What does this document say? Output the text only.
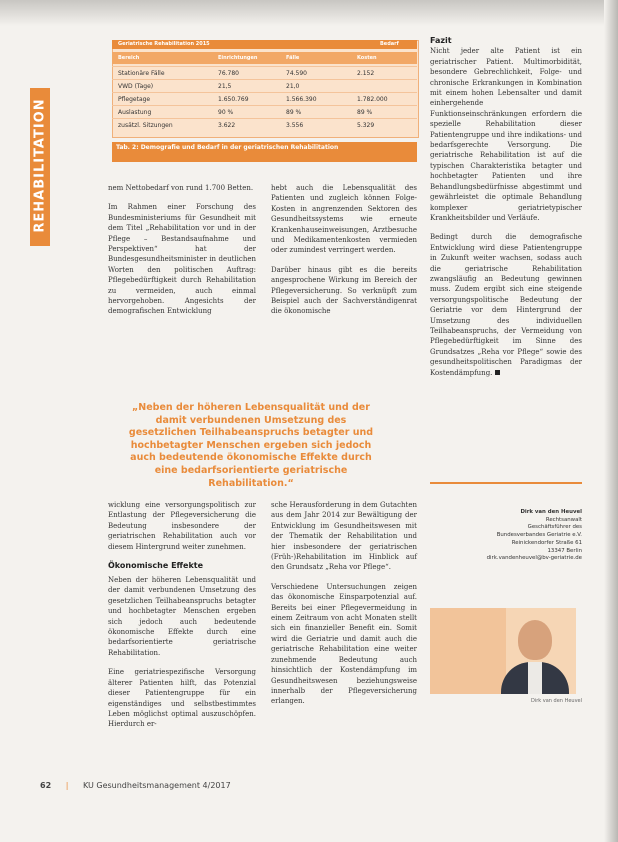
REHABILITATION
Geriatrische Rehabilitation 2015	Bedarf
Bereich	Einrichtungen	Fälle	Kosten
Stationäre Fälle	76.780	74.590	2.152
VWD (Tage)	21,5	21,0
Pflegetage	1.650.769	1.566.390	1.782.000
Auslastung	90 %	89 %	89 %
zusätzl. Sitzungen	3.622	3.556	5.329
Tab. 2: Demografie und Bedarf in der geriatrischen Rehabilitation

nem Nettobedarf von rund 1.700 Betten.

Im Rahmen einer Forschung des Bundesministeriums für Gesundheit mit dem Titel „Rehabilitation vor und in der Pflege – Bestandsaufnahme und Perspektiven“ hat der Bundesgesundheitsminister in deutlichen Worten den politischen Auftrag: Pflegebedürftigkeit durch Rehabilitation zu vermeiden, auch einmal hervorgehoben. Angesichts der demografischen Entwicklung

hebt auch die Lebensqualität des Patienten und zugleich können Folge-Kosten in angrenzenden Sektoren des Gesundheitssystems wie erneute Krankenhauseinweisungen, Arztbesuche und Medikamentenkosten vermieden oder zumindest verringert werden.

Darüber hinaus gibt es die bereits angesprochene Wirkung im Bereich der Pflegeversicherung. So verknüpft zum Beispiel auch der Sachverständigenrat die ökonomische

Fazit
Nicht jeder alte Patient ist ein geriatrischer Patient. Multimorbidität, besondere Gebrechlichkeit, Folge- und chronische Erkrankungen in Kombination mit einem hohen Lebensalter und damit einhergehende Funktionseinschränkungen erfordern die spezielle Rehabilitation dieser Patientengruppe und ihre indikations- und bedarfsgerechte Versorgung. Die geriatrische Rehabilitation ist auf die typischen Charakteristika betagter und hochbetagter Patienten und ihre Behandlungsbedürfnisse abgestimmt und gewährleistet die optimale Behandlung komplexer geriatrietypischer Krankheitsbilder und Verläufe.

Bedingt durch die demografische Entwicklung wird diese Patientengruppe in Zukunft weiter wachsen, sodass auch die geriatrische Rehabilitation zwangsläufig an Bedeutung gewinnen muss. Zudem ergibt sich eine steigende versorgungspolitische Bedeutung der Geriatrie vor dem Hintergrund der Umsetzung des individuellen Teilhabeanspruchs, der Vermeidung von Pflegebedürftigkeit im Sinne des Grundsatzes „Reha vor Pflege“ sowie des gesundheitspolitischen Paradigmas der Kostendämpfung.

„Neben der höheren Lebensqualität und der damit verbundenen Umsetzung des gesetzlichen Teilhabeanspruchs betagter und hochbetagter Menschen ergeben sich jedoch auch bedeutende ökonomische Effekte durch eine bedarfsorientierte geriatrische Rehabilitation.“

wicklung eine versorgungspolitisch zur Entlastung der Pflegeversicherung die Bedeutung insbesondere der geriatrischen Rehabilitation auch vor diesem Hintergrund weiter zunehmen.

Ökonomische Effekte

Neben der höheren Lebensqualität und der damit verbundenen Umsetzung des gesetzlichen Teilhabeanspruchs betagter und hochbetagter Menschen ergeben sich jedoch auch bedeutende ökonomische Effekte durch eine bedarfsorientierte geriatrische Rehabilitation.

Eine geriatriespezifische Versorgung älterer Patienten hilft, das Potenzial dieser Patientengruppe für ein eigenständiges und selbstbestimmtes Leben möglichst optimal auszuschöpfen. Hierdurch er-

sche Herausforderung in dem Gutachten aus dem Jahr 2014 zur Bewältigung der Entwicklung im Gesundheitswesen mit der Thematik der Rehabilitation und hier insbesondere der geriatrischen (Früh-)Rehabilitation im Hinblick auf den Grundsatz „Reha vor Pflege“.

Verschiedene Untersuchungen zeigen das ökonomische Einsparpotenzial auf. Bereits bei einer Pflegevermeidung in einem Zeitraum von acht Monaten stellt sich ein finanzieller Benefit ein. Somit wird die Geriatrie und damit auch die geriatrische Rehabilitation eine weiter zunehmende Bedeutung auch hinsichtlich der Kostendämpfung im Gesundheitswesen beziehungsweise innerhalb der Pflegeversicherung erlangen.

Dirk van den Heuvel
Rechtsanwalt
Geschäftsführer des
Bundesverbandes Geriatrie e.V.
Reinickendorfer Straße 61
13347 Berlin
dirk.vandenheuvel@bv-geriatrie.de
Dirk van den Heuvel
62 | KU Gesundheitsmanagement 4/2017
